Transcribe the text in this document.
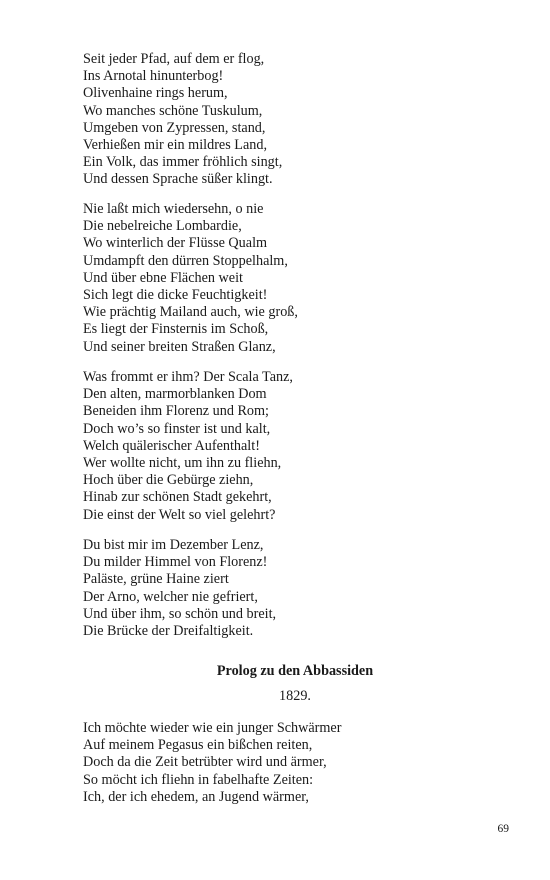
Seit jeder Pfad, auf dem er flog,
Ins Arnotal hinunterbog!
Olivenhaine rings herum,
Wo manches schöne Tuskulum,
Umgeben von Zypressen, stand,
Verhießen mir ein mildres Land,
Ein Volk, das immer fröhlich singt,
Und dessen Sprache süßer klingt.
Nie laßt mich wiedersehn, o nie
Die nebelreiche Lombardie,
Wo winterlich der Flüsse Qualm
Umdampft den dürren Stoppelhalm,
Und über ebne Flächen weit
Sich legt die dicke Feuchtigkeit!
Wie prächtig Mailand auch, wie groß,
Es liegt der Finsternis im Schoß,
Und seiner breiten Straßen Glanz,
Was frommt er ihm? Der Scala Tanz,
Den alten, marmorblanken Dom
Beneiden ihm Florenz und Rom;
Doch wo’s so finster ist und kalt,
Welch quälerischer Aufenthalt!
Wer wollte nicht, um ihn zu fliehn,
Hoch über die Gebürge ziehn,
Hinab zur schönen Stadt gekehrt,
Die einst der Welt so viel gelehrt?
Du bist mir im Dezember Lenz,
Du milder Himmel von Florenz!
Paläste, grüne Haine ziert
Der Arno, welcher nie gefriert,
Und über ihm, so schön und breit,
Die Brücke der Dreifaltigkeit.
Prolog zu den Abbassiden
1829.
Ich möchte wieder wie ein junger Schwärmer
Auf meinem Pegasus ein bißchen reiten,
Doch da die Zeit betrübter wird und ärmer,
So möcht ich fliehn in fabelhafte Zeiten:
Ich, der ich ehedem, an Jugend wärmer,
69
